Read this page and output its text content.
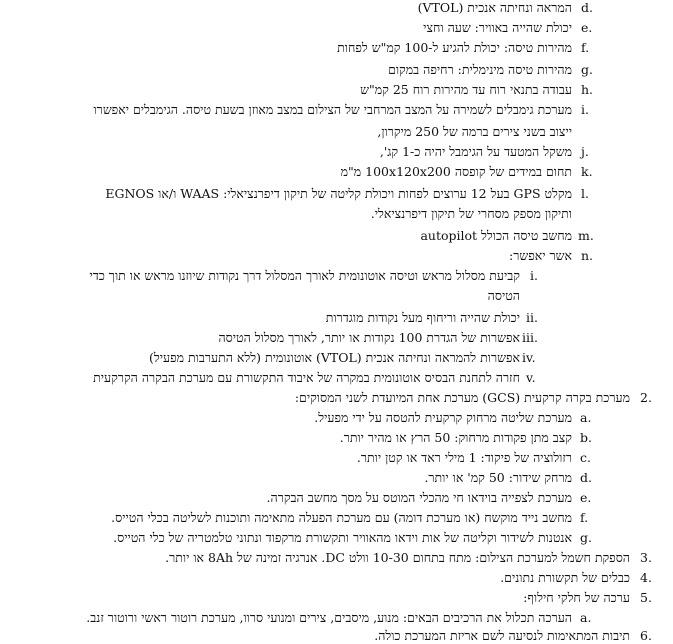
המראה ונחיתה אנכית (VTOL)
יכולת שהייה באוויר: שעה וחצי
מהירות טיסה: יכולת להגיע ל-100 קמ"ש לפחות
מהירות טיסה מינימלית: רחיפה במקום
עבודה בתנאי רוח עד מהירות רוח 25 קמ"ש
מערכת גימבלים לשמירה על המצב המרחבי של הצילום במצב מאוזן בשעת טיסה. הגימבלים יאפשרו
ייצוב בשני צירים ברמה של 250 מיקרון,
משקל המטעד על הגימבל יהיה כ-1 קג',
תחום במידים של קופסה 100x120x200 מ"מ
מקלט GPS בעל 12 ערוצים לפחות ויכולת קליטה של תיקון דיפרנציאלי: WAAS ו/או EGNOS
ותיקון מספק מסחרי של תיקון דיפרנציאלי.
מחשב טיסה הכולל autopilot
אשר יאפשר:
קביעת מסלול מראש וטיסה אוטונומית לאורך המסלול דרך נקודות שיוזנו מראש או תוך כדי
הטיסה
יכולת שהייה וריחוף מעל נקודות מוגדרות
אפשרות של הגדרת 100 נקודות או יותר, לאורך מסלול הטיסה
אפשרות להמראה ונחיתה אנכית (VTOL) אוטונומית (ללא התערבות מפעיל)
חזרה לתחנת הבסיס אוטונומית במקרה של איבוד התקשורת עם מערכת הבקרה הקרקעית
מערכת בקרה קרקעית (GCS) מערכת אחת המיועדת לשני המסוקים:
מערכת שליטה מרחוק קרקעית להטסה על ידי מפעיל.
קצב מתן פקודות מרחוק: 50 הרץ או מהיר יותר.
רזולוציה של פיקוד: 1 מילי ראד או קטן יותר.
מרחק שידור: 50 קמ' או יותר.
מערכת לצפייה בוידאו חי מהכלי המוטס על מסך מחשב הבקרה.
מחשב נייד מוקשח (או מערכת דומה) עם מערכת הפעלה מתאימה ותוכנות לשליטה בכלי הטייס.
אנטנות לשידור וקליטה של אות וידאו מהאוויר ותקשורת מרקפוד ונתוני טלמטריה של כלי הטייס.
הספקת חשמל למערכת הצילום: מתח בתחום 10-30 וולט DC. אנרגיה זמינה של 8Ah או יותר.
כבלים של תקשורת נתונים.
ערכה של חלקי חילוף:
הערכה תכלול את הרכיבים הבאים: מנוע, מיסבים, צירים ומנועי סרוו, מערכת רוטור ראשי ורוטור זנב.
תיבות המתאימות לנסיעה לשם אריזת המערכת כולה.
d.
e.
f.
g.
h.
i.
j.
k.
l.
m.
n.
i.
ii.
iii.
iv.
v.
2.
a.
b.
c.
d.
e.
f.
g.
3.
4.
5.
a.
6.
